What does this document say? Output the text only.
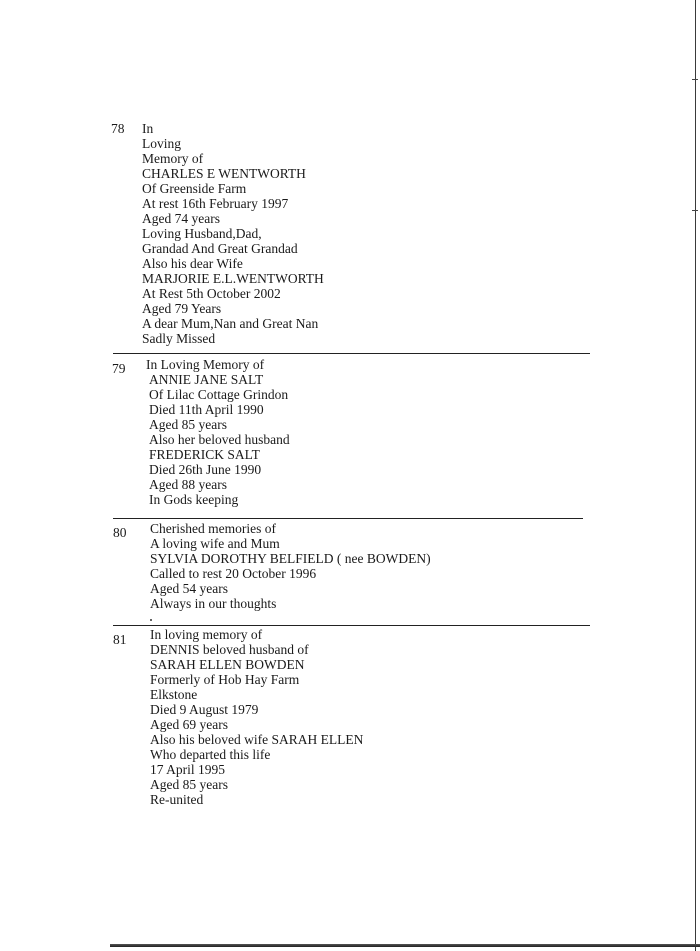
78 In
Loving
Memory of
CHARLES E WENTWORTH
Of Greenside Farm
At rest 16th February 1997
Aged 74 years
Loving Husband,Dad,
Grandad And Great Grandad
Also his dear Wife
MARJORIE E.L.WENTWORTH
At Rest 5th October 2002
Aged 79 Years
A dear Mum,Nan and Great Nan
Sadly Missed
79 In Loving Memory of
ANNIE JANE SALT
Of Lilac Cottage Grindon
Died 11th April 1990
Aged 85 years
Also her beloved husband
FREDERICK SALT
Died 26th June 1990
Aged 88 years
In Gods keeping
80 Cherished memories of
A loving wife and Mum
SYLVIA DOROTHY BELFIELD ( nee BOWDEN)
Called to rest 20 October 1996
Aged 54 years
Always in our thoughts
81 In loving memory of
DENNIS beloved husband of
SARAH ELLEN BOWDEN
Formerly of Hob Hay Farm
Elkstone
Died 9 August 1979
Aged 69 years
Also his beloved wife SARAH ELLEN
Who departed this life
17 April 1995
Aged 85 years
Re-united
